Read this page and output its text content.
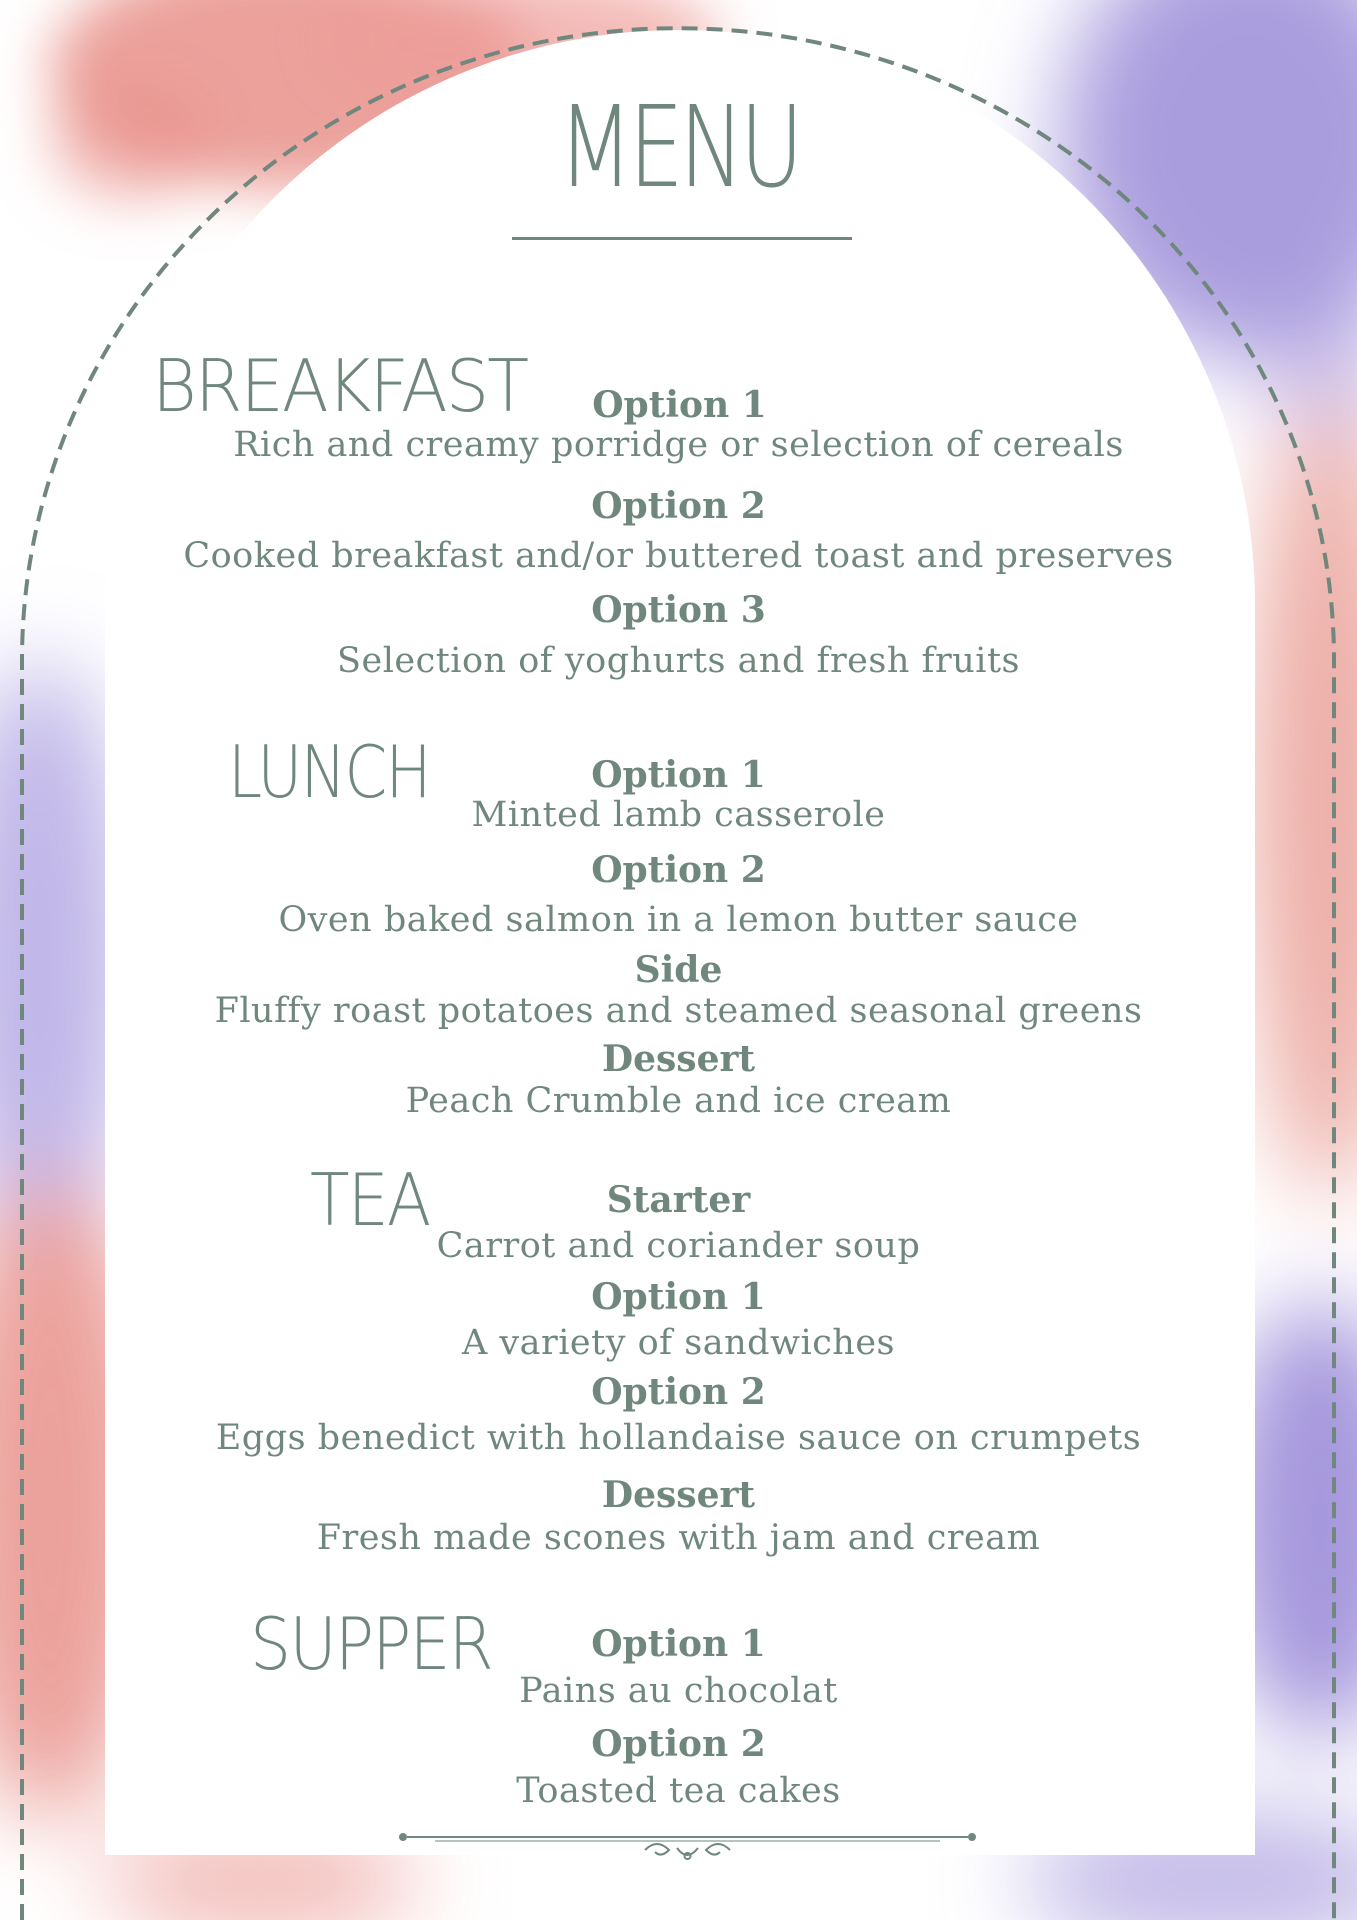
MENU
BREAKFAST	Option 1
Rich and creamy porridge or selection of cereals
Option 2
Cooked breakfast and/or buttered toast and preserves
Option 3
Selection of yoghurts and fresh fruits
LUNCH	Option 1
Minted lamb casserole
Option 2
Oven baked salmon in a lemon butter sauce
Side
Fluffy roast potatoes and steamed seasonal greens
Dessert
Peach Crumble and ice cream
TEA	Starter
Carrot and coriander soup
Option 1
A variety of sandwiches
Option 2
Eggs benedict with hollandaise sauce on crumpets
Dessert
Fresh made scones with jam and cream
SUPPER	Option 1
Pains au chocolat
Option 2
Toasted tea cakes
